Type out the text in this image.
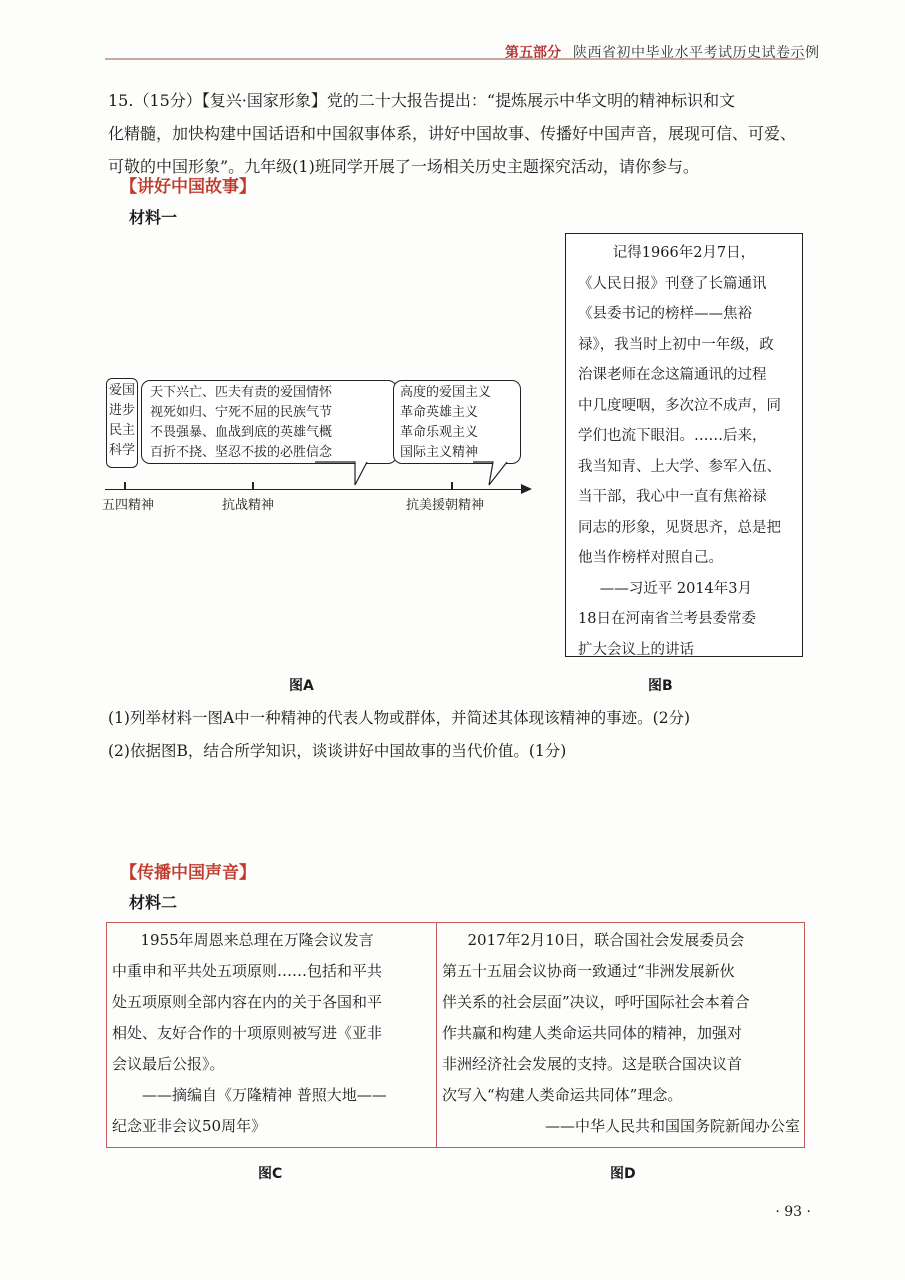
第五部分 陕西省初中毕业水平考试历史试卷示例
15.（15分）【复兴·国家形象】党的二十大报告提出：“提炼展示中华文明的精神标识和文
化精髓，加快构建中国话语和中国叙事体系，讲好中国故事、传播好中国声音，展现可信、可爱、
可敬的中国形象”。九年级(1)班同学开展了一场相关历史主题探究活动，请你参与。
【讲好中国故事】
材料一
爱国
进步
民主
科学
天下兴亡、匹夫有责的爱国情怀
视死如归、宁死不屈的民族气节
不畏强暴、血战到底的英雄气概
百折不挠、坚忍不拔的必胜信念
高度的爱国主义
革命英雄主义
革命乐观主义
国际主义精神
五四精神	抗战精神	抗美援朝精神
图A

记得1966年2月7日，

《人民日报》刊登了长篇通讯

《县委书记的榜样——焦裕

禄》，我当时上初中一年级，政

治课老师在念这篇通讯的过程

中几度哽咽，多次泣不成声，同

学们也流下眼泪。……后来，

我当知青、上大学、参军入伍、

当干部，我心中一直有焦裕禄

同志的形象，见贤思齐，总是把

他当作榜样对照自己。

——习近平 2014年3月

18日在河南省兰考县委常委

扩大会议上的讲话

图B
(1)列举材料一图A中一种精神的代表人物或群体，并简述其体现该精神的事迹。(2分)
(2)依据图B，结合所学知识，谈谈讲好中国故事的当代价值。(1分)
【传播中国声音】
材料二

1955年周恩来总理在万隆会议发言

中重申和平共处五项原则……包括和平共

处五项原则全部内容在内的关于各国和平

相处、友好合作的十项原则被写进《亚非

会议最后公报》。

——摘编自《万隆精神 普照大地——

纪念亚非会议50周年》

2017年2月10日，联合国社会发展委员会

第五十五届会议协商一致通过“非洲发展新伙

伴关系的社会层面”决议，呼吁国际社会本着合

作共赢和构建人类命运共同体的精神，加强对

非洲经济社会发展的支持。这是联合国决议首

次写入“构建人类命运共同体”理念。

——中华人民共和国国务院新闻办公室

图C	图D
· 93 ·
